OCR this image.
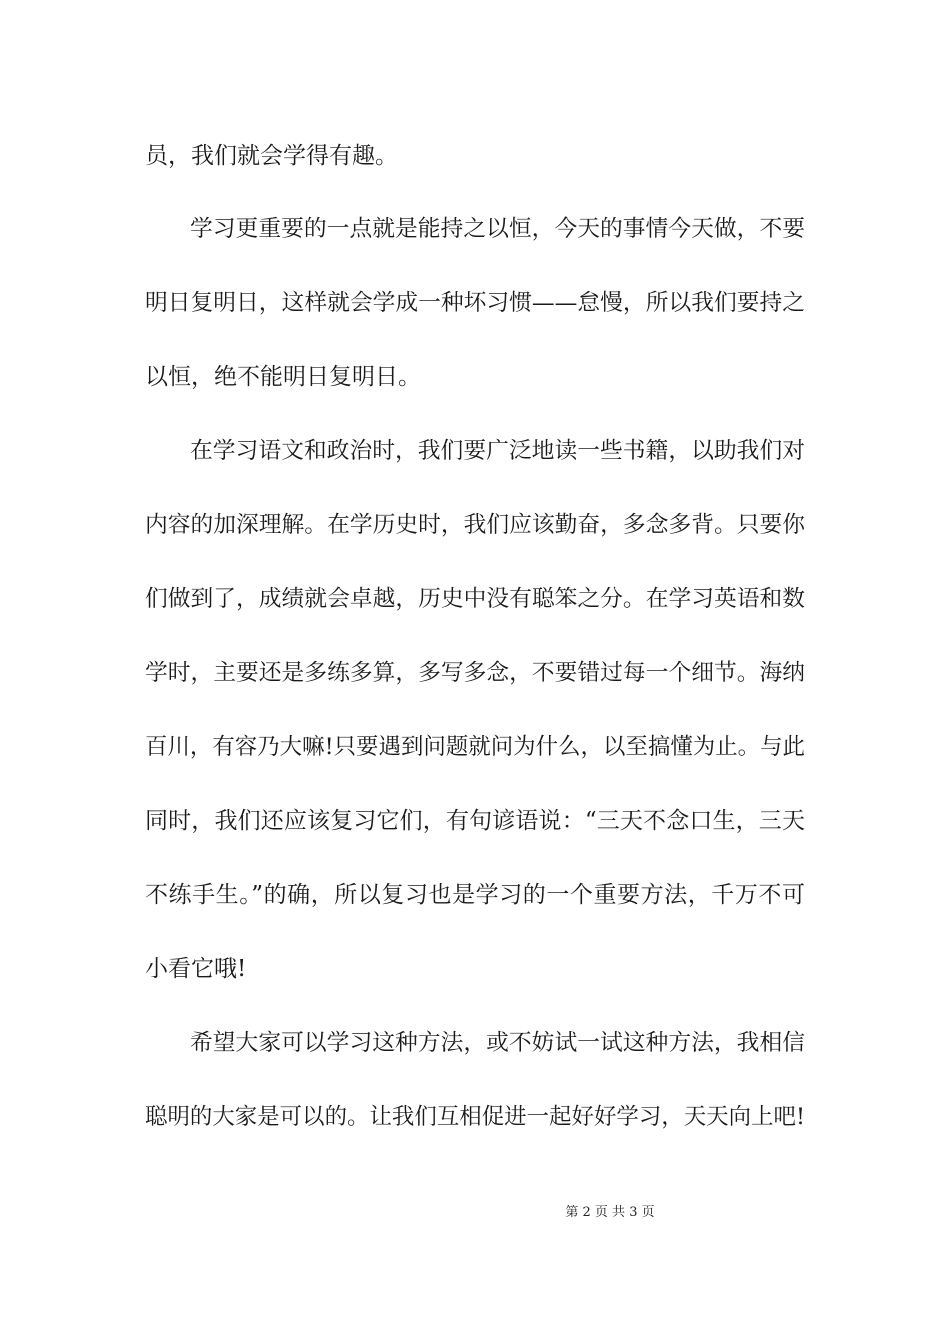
员，我们就会学得有趣。
学习更重要的一点就是能持之以恒，今天的事情今天做，不要
明日复明日，这样就会学成一种坏习惯——怠慢，所以我们要持之
以恒，绝不能明日复明日。
在学习语文和政治时，我们要广泛地读一些书籍，以助我们对
内容的加深理解。在学历史时，我们应该勤奋，多念多背。只要你
们做到了，成绩就会卓越，历史中没有聪笨之分。在学习英语和数
学时，主要还是多练多算，多写多念，不要错过每一个细节。海纳
百川，有容乃大嘛!只要遇到问题就问为什么，以至搞懂为止。与此
同时，我们还应该复习它们，有句谚语说：“三天不念口生，三天
不练手生。”的确，所以复习也是学习的一个重要方法，千万不可
小看它哦!
希望大家可以学习这种方法，或不妨试一试这种方法，我相信
聪明的大家是可以的。让我们互相促进一起好好学习，天天向上吧!
第 2 页 共 3 页
